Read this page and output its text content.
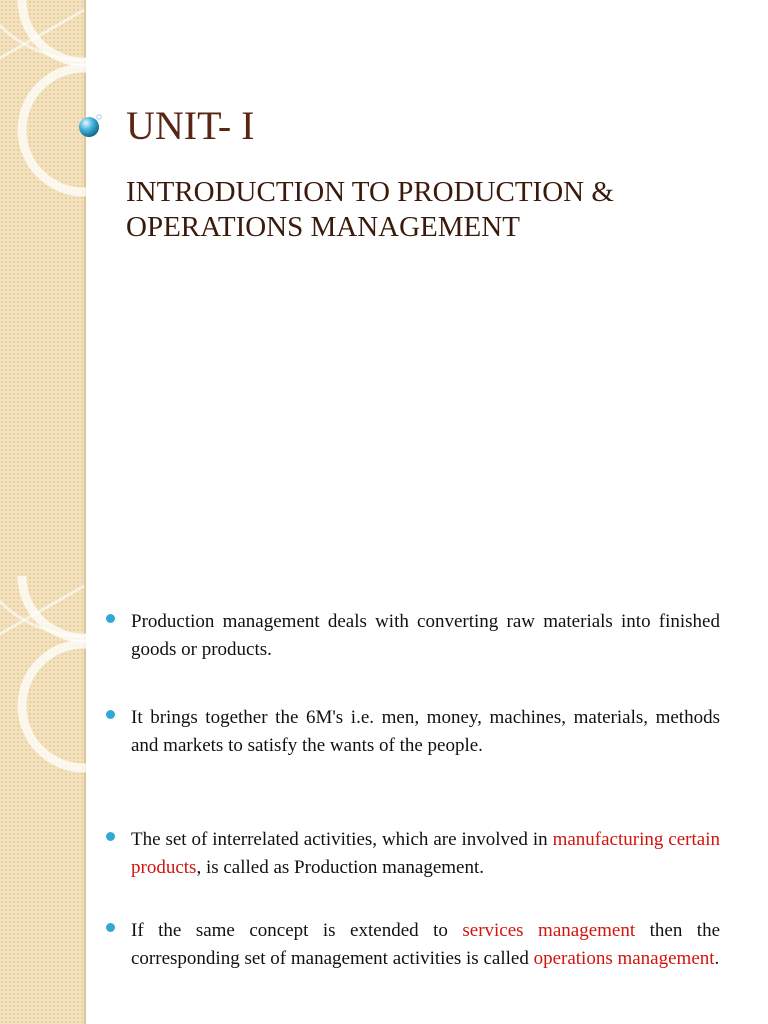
UNIT- I
INTRODUCTION TO PRODUCTION &
OPERATIONS MANAGEMENT

Production management deals with converting raw materials into finished goods or products.

It brings together the 6M's i.e. men, money, machines, materials, methods and markets to satisfy the wants of the people.

The set of interrelated activities, which are involved in manufacturing certain products, is called as Production management.

If the same concept is extended to services management then the corresponding set of management activities is called operations management.
